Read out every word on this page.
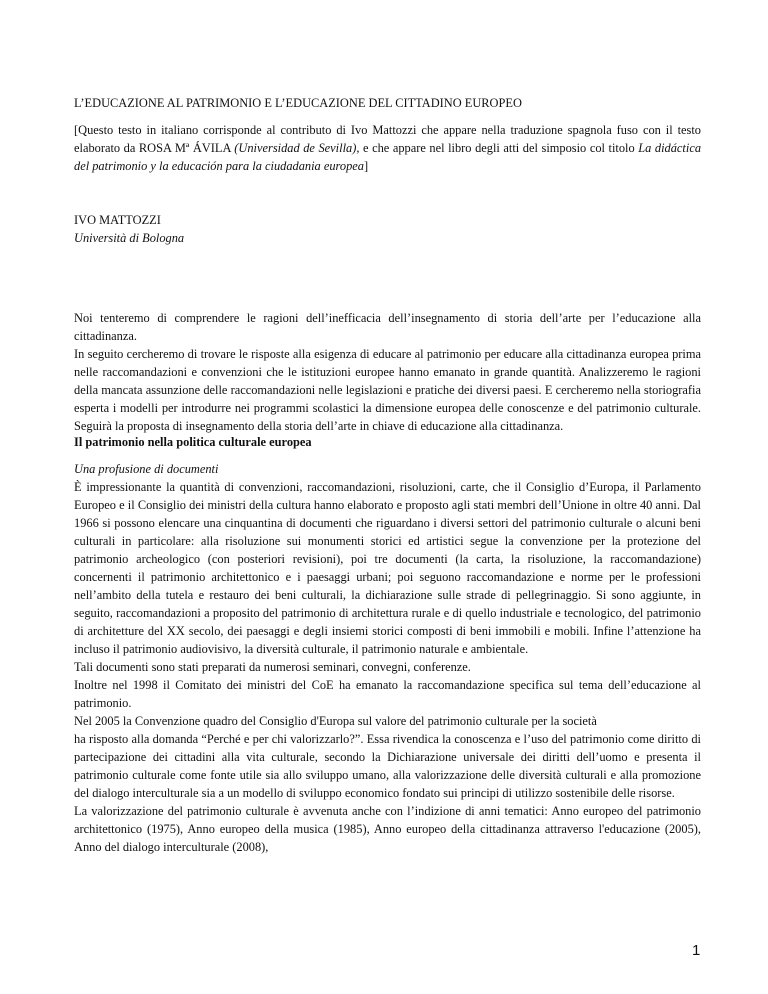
L’EDUCAZIONE AL PATRIMONIO E L’EDUCAZIONE DEL CITTADINO EUROPEO
[Questo testo in italiano corrisponde al contributo di Ivo Mattozzi che appare nella traduzione spagnola fuso con il testo elaborato da ROSA Mª ÁVILA (Universidad de Sevilla), e che appare nel libro degli atti del simposio col titolo La didáctica del patrimonio y la educación para la ciudadania europea]
IVO MATTOZZI
Università di Bologna

Noi tenteremo di comprendere le ragioni dell’inefficacia dell’insegnamento di storia dell’arte per l’educazione alla cittadinanza.

In seguito cercheremo di trovare le risposte alla esigenza di educare al patrimonio per educare alla cittadinanza europea prima nelle raccomandazioni e convenzioni che le istituzioni europee hanno emanato in grande quantità. Analizzeremo le ragioni della mancata assunzione delle raccomandazioni nelle legislazioni e pratiche dei diversi paesi. E cercheremo nella storiografia esperta i modelli per introdurre nei programmi scolastici la dimensione europea delle conoscenze e del patrimonio culturale. Seguirà la proposta di insegnamento della storia dell’arte in chiave di educazione alla cittadinanza.

Il patrimonio nella politica culturale europea

Una profusione di documenti

È impressionante la quantità di convenzioni, raccomandazioni, risoluzioni, carte, che il Consiglio d’Europa, il Parlamento Europeo e il Consiglio dei ministri della cultura hanno elaborato e proposto agli stati membri dell’Unione in oltre 40 anni. Dal 1966 si possono elencare una cinquantina di documenti che riguardano i diversi settori del patrimonio culturale o alcuni beni culturali in particolare: alla risoluzione sui monumenti storici ed artistici segue la convenzione per la protezione del patrimonio archeologico (con posteriori revisioni), poi tre documenti (la carta, la risoluzione, la raccomandazione) concernenti il patrimonio architettonico e i paesaggi urbani; poi seguono raccomandazione e norme per le professioni nell’ambito della tutela e restauro dei beni culturali, la dichiarazione sulle strade di pellegrinaggio. Si sono aggiunte, in seguito, raccomandazioni a proposito del patrimonio di architettura rurale e di quello industriale e tecnologico, del patrimonio di architetture del XX secolo, dei paesaggi e degli insiemi storici composti di beni immobili e mobili. Infine l’attenzione ha incluso il patrimonio audiovisivo, la diversità culturale, il patrimonio naturale e ambientale.

Tali documenti sono stati preparati da numerosi seminari, convegni, conferenze.

Inoltre nel 1998 il Comitato dei ministri del CoE ha emanato la raccomandazione specifica sul tema dell’educazione al patrimonio.

Nel 2005 la Convenzione quadro del Consiglio d'Europa sul valore del patrimonio culturale per la società

ha risposto alla domanda “Perché e per chi valorizzarlo?”. Essa rivendica la conoscenza e l’uso del patrimonio come diritto di partecipazione dei cittadini alla vita culturale, secondo la Dichiarazione universale dei diritti dell’uomo e presenta il patrimonio culturale come fonte utile sia allo sviluppo umano, alla valorizzazione delle diversità culturali e alla promozione del dialogo interculturale sia a un modello di sviluppo economico fondato sui principi di utilizzo sostenibile delle risorse.

La valorizzazione del patrimonio culturale è avvenuta anche con l’indizione di anni tematici: Anno europeo del patrimonio architettonico (1975), Anno europeo della musica (1985), Anno europeo della cittadinanza attraverso l'educazione (2005), Anno del dialogo interculturale (2008),

1
